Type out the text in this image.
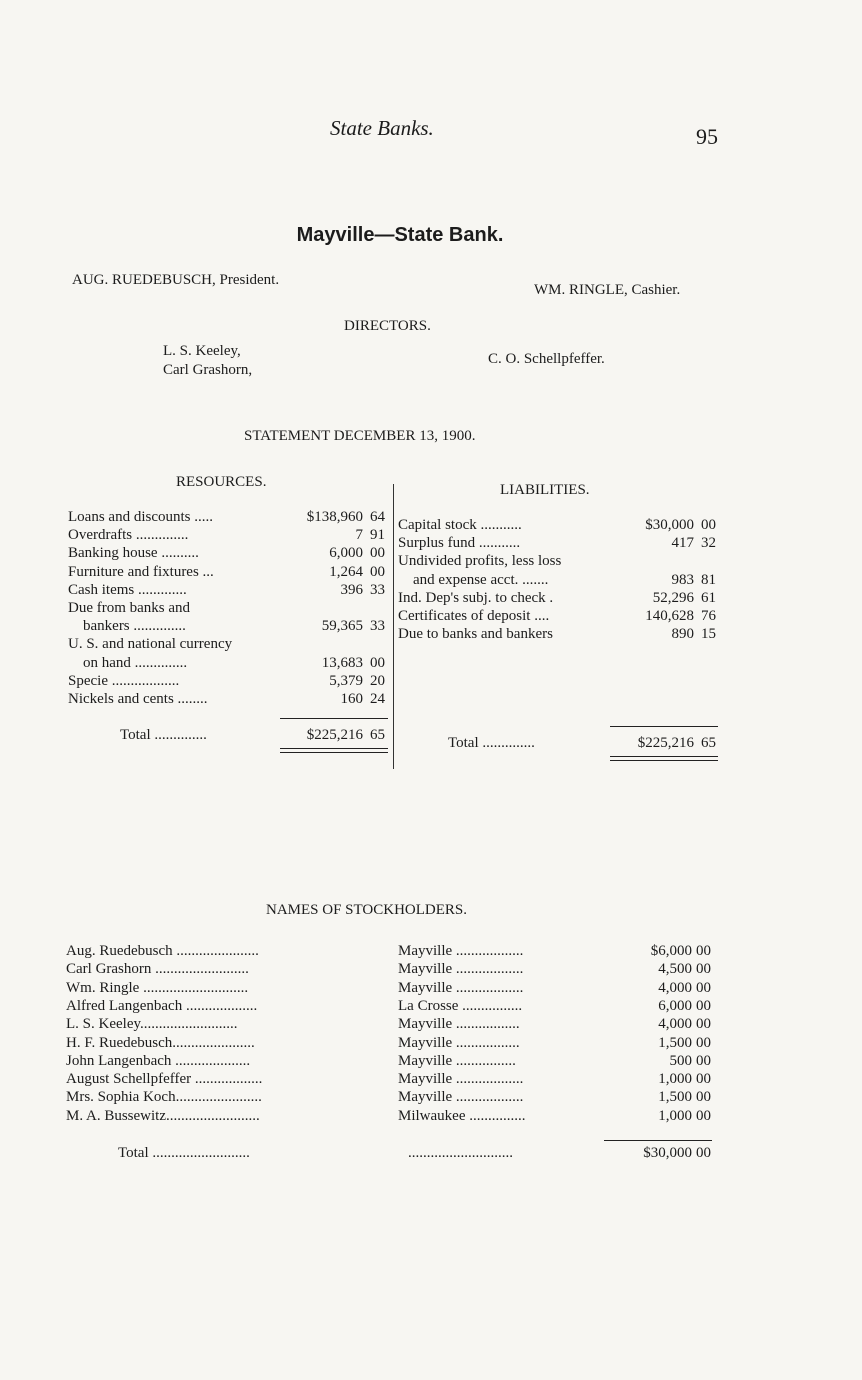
State Banks.	95
Mayville—State Bank.
AUG. RUEDEBUSCH, President.
WM. RINGLE, Cashier.
DIRECTORS.
L. S. Keeley,
Carl Grashorn,
C. O. Schellpfeffer.
STATEMENT DECEMBER 13, 1900.
RESOURCES.	LIABILITIES.
Loans and discounts .....	$138,960 64
Overdrafts ..............	7 91
Banking house ..........	6,000 00
Furniture and fixtures ...	1,264 00
Cash items .............	396 33
Due from banks and
 bankers ..............	59,365 33
U. S. and national currency
 on hand ..............	13,683 00
Specie ..................	5,379 20
Nickels and cents ........	160 24
Total ..............	$225,216 65
Capital stock ...........	$30,000 00
Surplus fund ...........	417 32
Undivided profits, less loss
 and expense acct. .......	983 81
Ind. Dep's subj. to check .	52,296 61
Certificates of deposit ....	140,628 76
Due to banks and bankers	890 15
Total ..............	$225,216 65
NAMES OF STOCKHOLDERS.
Aug. Ruedebusch ......................	Mayville ..................	$6,000 00
Carl Grashorn .........................	Mayville ..................	4,500 00
Wm. Ringle ............................	Mayville ..................	4,000 00
Alfred Langenbach ...................	La Crosse ................	6,000 00
L. S. Keeley..........................	Mayville .................	4,000 00
H. F. Ruedebusch......................	Mayville .................	1,500 00
John Langenbach ....................	Mayville ................	500 00
August Schellpfeffer ..................	Mayville ..................	1,000 00
Mrs. Sophia Koch.......................	Mayville ..................	1,500 00
M. A. Bussewitz.........................	Milwaukee ...............	1,000 00
Total ..........................	............................	$30,000 00
